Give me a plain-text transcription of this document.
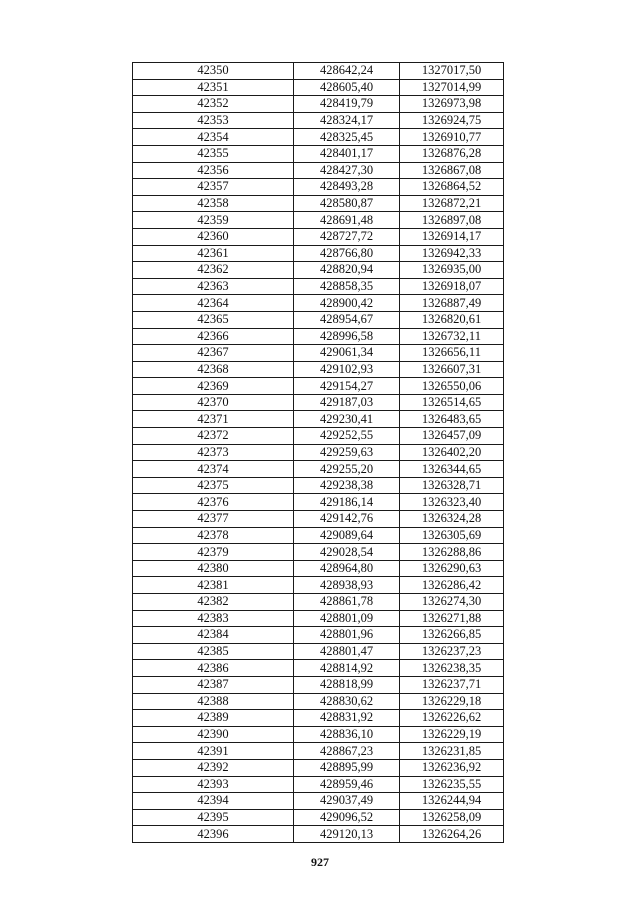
42350	428642,24	1327017,50
42351	428605,40	1327014,99
42352	428419,79	1326973,98
42353	428324,17	1326924,75
42354	428325,45	1326910,77
42355	428401,17	1326876,28
42356	428427,30	1326867,08
42357	428493,28	1326864,52
42358	428580,87	1326872,21
42359	428691,48	1326897,08
42360	428727,72	1326914,17
42361	428766,80	1326942,33
42362	428820,94	1326935,00
42363	428858,35	1326918,07
42364	428900,42	1326887,49
42365	428954,67	1326820,61
42366	428996,58	1326732,11
42367	429061,34	1326656,11
42368	429102,93	1326607,31
42369	429154,27	1326550,06
42370	429187,03	1326514,65
42371	429230,41	1326483,65
42372	429252,55	1326457,09
42373	429259,63	1326402,20
42374	429255,20	1326344,65
42375	429238,38	1326328,71
42376	429186,14	1326323,40
42377	429142,76	1326324,28
42378	429089,64	1326305,69
42379	429028,54	1326288,86
42380	428964,80	1326290,63
42381	428938,93	1326286,42
42382	428861,78	1326274,30
42383	428801,09	1326271,88
42384	428801,96	1326266,85
42385	428801,47	1326237,23
42386	428814,92	1326238,35
42387	428818,99	1326237,71
42388	428830,62	1326229,18
42389	428831,92	1326226,62
42390	428836,10	1326229,19
42391	428867,23	1326231,85
42392	428895,99	1326236,92
42393	428959,46	1326235,55
42394	429037,49	1326244,94
42395	429096,52	1326258,09
42396	429120,13	1326264,26
927
